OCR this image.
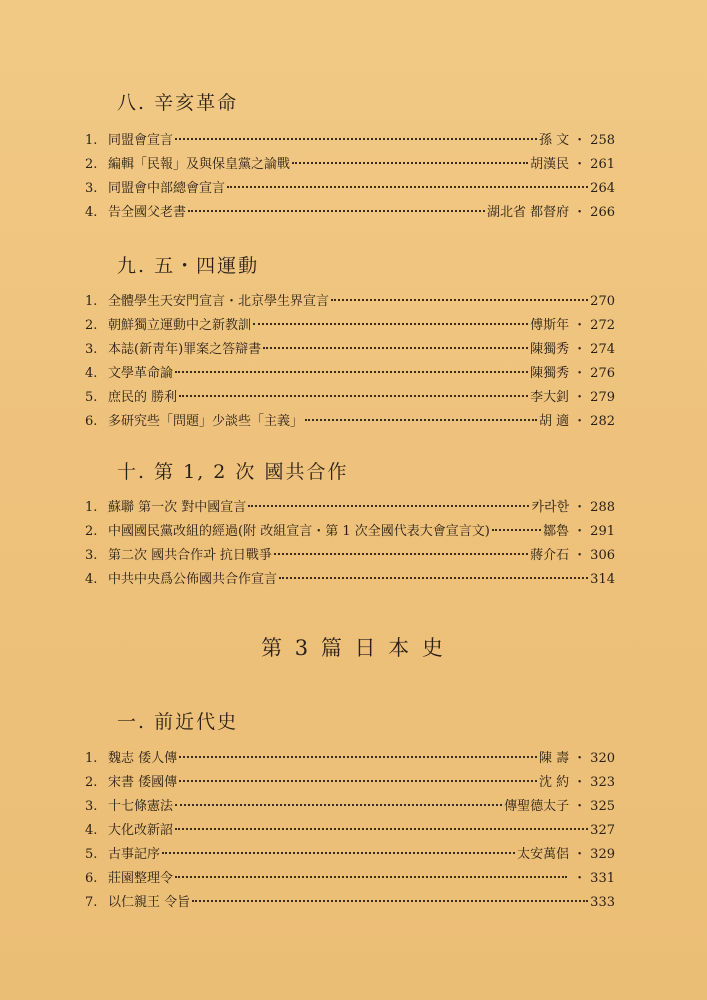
八. 辛亥革命
1. 同盟會宣言	孫 文 ・ 258
2. 編輯「民報」及與保皇黨之論戰	胡漢民 ・ 261
3. 同盟會中部總會宣言	264
4. 告全國父老書	湖北省 都督府 ・ 266
九. 五・四運動
1. 全體學生天安門宣言・北京學生界宣言	270
2. 朝鮮獨立運動中之新教訓	傅斯年 ・ 272
3. 本誌(新靑年)罪案之答辯書	陳獨秀 ・ 274
4. 文學革命論	陳獨秀 ・ 276
5. 庶民的 勝利	李大釗 ・ 279
6. 多研究些「問題」少談些「主義」	胡 適 ・ 282
十. 第 1, 2 次 國共合作
1. 蘇聯 第一次 對中國宣言	카라한 ・ 288
2. 中國國民黨改組的經過(附 改組宣言・第 1 次全國代表大會宣言文)	鄒魯 ・ 291
3. 第二次 國共合作과 抗日戰爭	蔣介石 ・ 306
4. 中共中央爲公佈國共合作宣言	314
第 3 篇 日 本 史
一. 前近代史
1. 魏志 倭人傳	陳 壽 ・ 320
2. 宋書 倭國傳	沈 約 ・ 323
3. 十七條憲法	傳聖德太子 ・ 325
4. 大化改新詔	327
5. 古事記序	太安萬侶 ・ 329
6. 莊園整理令	・ 331
7. 以仁親王 令旨	333
